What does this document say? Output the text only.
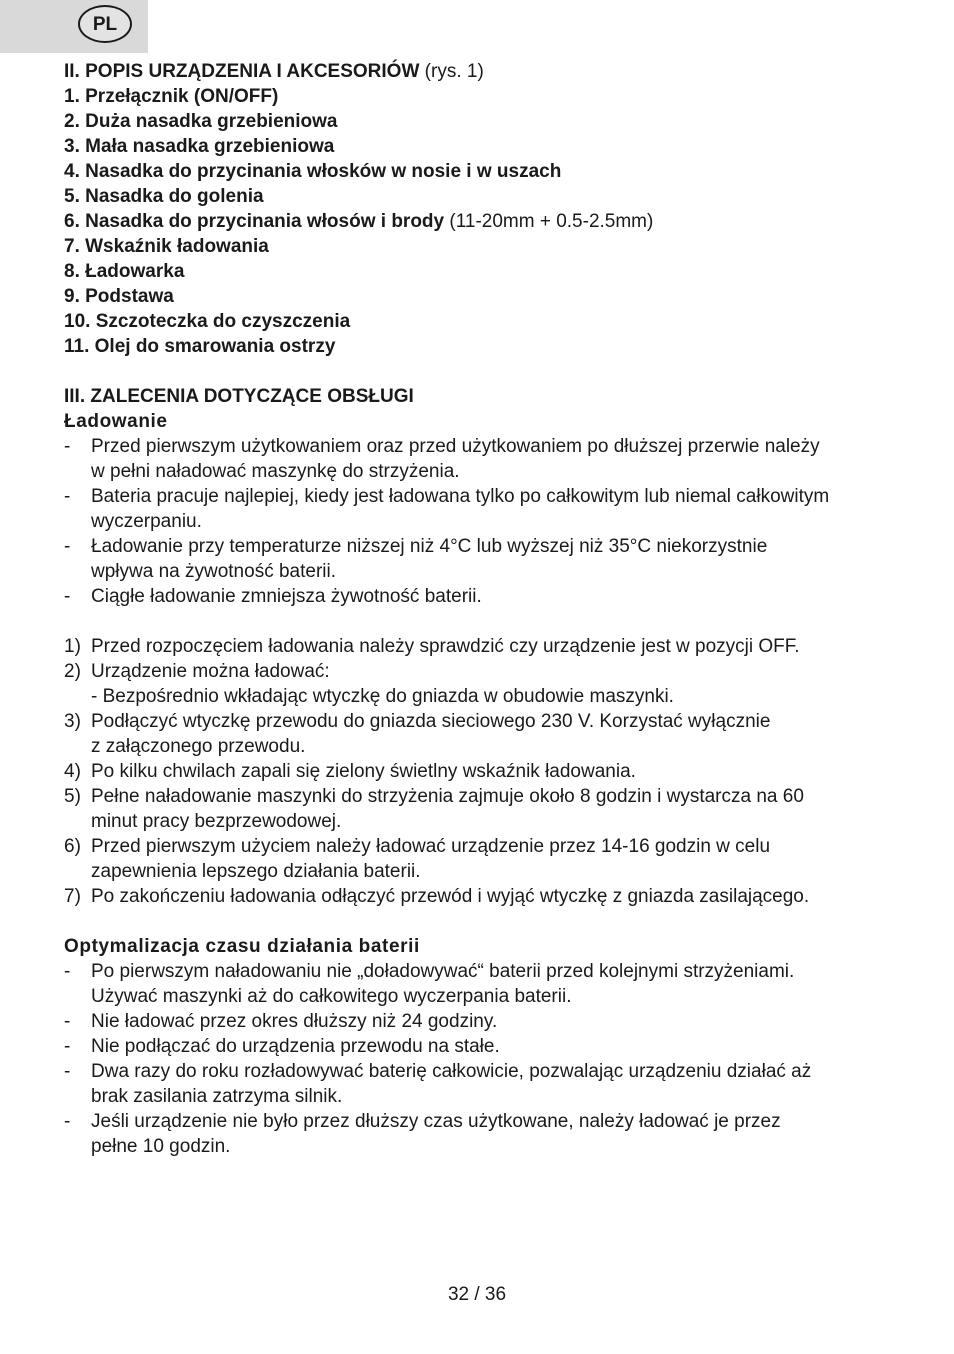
PL
II. POPIS URZĄDZENIA I AKCESORIÓW (rys. 1)
1. Przełącznik (ON/OFF)
2. Duża nasadka grzebieniowa
3. Mała nasadka grzebieniowa
4. Nasadka do przycinania włosków w nosie i w uszach
5. Nasadka do golenia
6. Nasadka do przycinania włosów i brody (11-20mm + 0.5-2.5mm)
7. Wskaźnik ładowania
8. Ładowarka
9. Podstawa
10. Szczoteczka do czyszczenia
11. Olej do smarowania ostrzy
III. ZALECENIA DOTYCZĄCE OBSŁUGI
Ładowanie
-	Przed pierwszym użytkowaniem oraz przed użytkowaniem po dłuższej przerwie należy
w pełni naładować maszynkę do strzyżenia.
-	Bateria pracuje najlepiej, kiedy jest ładowana tylko po całkowitym lub niemal całkowitym
wyczerpaniu.
-	Ładowanie przy temperaturze niższej niż 4°C lub wyższej niż 35°C niekorzystnie
wpływa na żywotność baterii.
-	Ciągłe ładowanie zmniejsza żywotność baterii.
1) Przed rozpoczęciem ładowania należy sprawdzić czy urządzenie jest w pozycji OFF.
2) Urządzenie można ładować:
- Bezpośrednio wkładając wtyczkę do gniazda w obudowie maszynki.
3) Podłączyć wtyczkę przewodu do gniazda sieciowego 230 V. Korzystać wyłącznie
z załączonego przewodu.
4) Po kilku chwilach zapali się zielony świetlny wskaźnik ładowania.
5) Pełne naładowanie maszynki do strzyżenia zajmuje około 8 godzin i wystarcza na 60
minut pracy bezprzewodowej.
6) Przed pierwszym użyciem należy ładować urządzenie przez 14-16 godzin w celu
zapewnienia lepszego działania baterii.
7) Po zakończeniu ładowania odłączyć przewód i wyjąć wtyczkę z gniazda zasilającego.
Optymalizacja czasu działania baterii
-	Po pierwszym naładowaniu nie „doładowywać“ baterii przed kolejnymi strzyżeniami.
Używać maszynki aż do całkowitego wyczerpania baterii.
-	Nie ładować przez okres dłuższy niż 24 godziny.
-	Nie podłączać do urządzenia przewodu na stałe.
-	Dwa razy do roku rozładowywać baterię całkowicie, pozwalając urządzeniu działać aż
brak zasilania zatrzyma silnik.
-	Jeśli urządzenie nie było przez dłuższy czas użytkowane, należy ładować je przez
pełne 10 godzin.
32 / 36
